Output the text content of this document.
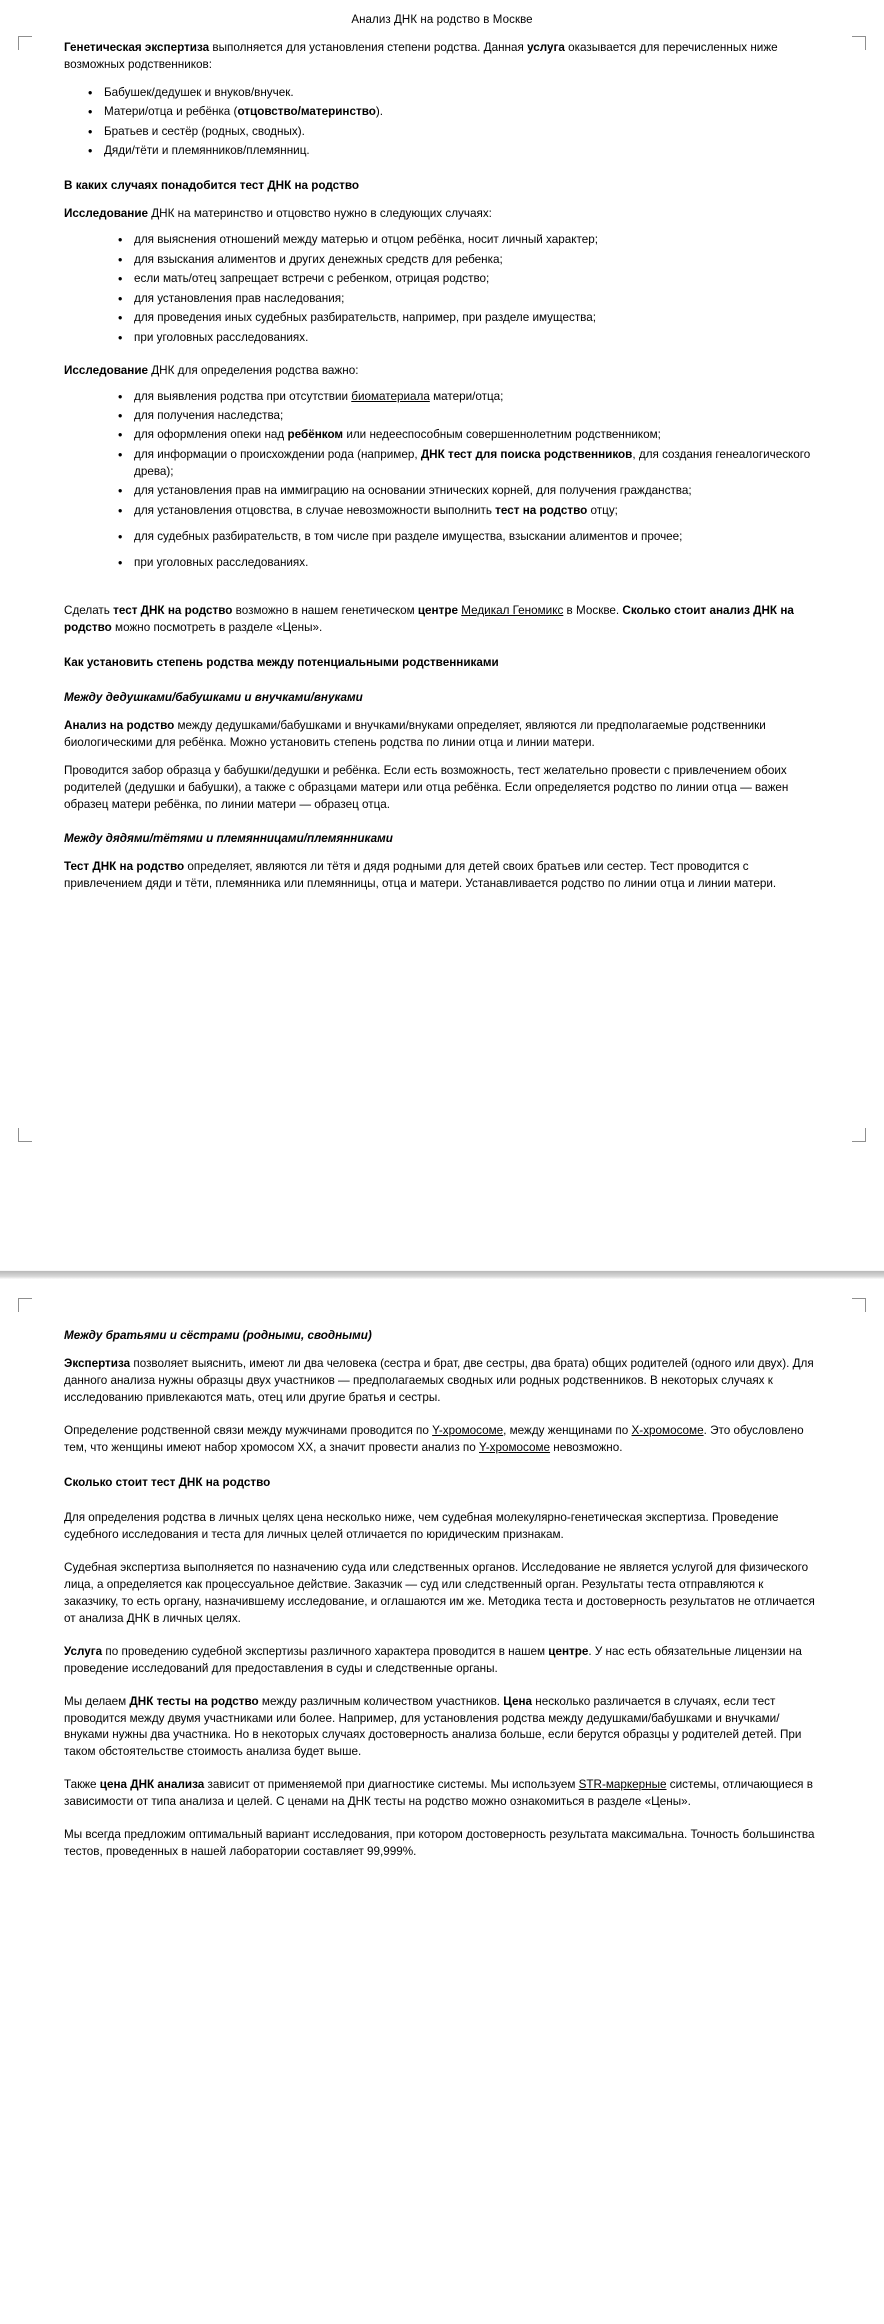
Анализ ДНК на родство в Москве

Генетическая экспертиза выполняется для установления степени родства. Данная услуга оказывается для перечисленных ниже возможных родственников:

• Бабушек/дедушек и внуков/внучек.
• Матери/отца и ребёнка (отцовство/материнство).
• Братьев и сестёр (родных, сводных).
• Дяди/тёти и племянников/племянниц.
В каких случаях понадобится тест ДНК на родство

Исследование ДНК на материнство и отцовство нужно в следующих случаях:

• для выяснения отношений между матерью и отцом ребёнка, носит личный характер;
• для взыскания алиментов и других денежных средств для ребенка;
• если мать/отец запрещает встречи с ребенком, отрицая родство;
• для установления прав наследования;
• для проведения иных судебных разбирательств, например, при разделе имущества;
• при уголовных расследованиях.

Исследование ДНК для определения родства важно:

• для выявления родства при отсутствии биоматериала матери/отца;
• для получения наследства;
• для оформления опеки над ребёнком или недееспособным совершеннолетним родственником;
• для информации о происхождении рода (например, ДНК тест для поиска родственников, для создания генеалогического древа);
• для установления прав на иммиграцию на основании этнических корней, для получения гражданства;
• для установления отцовства, в случае невозможности выполнить тест на родство отцу;
• для судебных разбирательств, в том числе при разделе имущества, взыскании алиментов и прочее;
• при уголовных расследованиях.

Сделать тест ДНК на родство возможно в нашем генетическом центре Медикал Геномикс в Москве. Сколько стоит анализ ДНК на родство можно посмотреть в разделе «Цены».

Как установить степень родства между потенциальными родственниками
Между дедушками/бабушками и внучками/внуками

Анализ на родство между дедушками/бабушками и внучками/внуками определяет, являются ли предполагаемые родственники биологическими для ребёнка. Можно установить степень родства по линии отца и линии матери.

Проводится забор образца у бабушки/дедушки и ребёнка. Если есть возможность, тест желательно провести с привлечением обоих родителей (дедушки и бабушки), а также с образцами матери или отца ребёнка. Если определяется родство по линии отца — важен образец матери ребёнка, по линии матери — образец отца.

Между дядями/тётями и племянницами/племянниками

Тест ДНК на родство определяет, являются ли тётя и дядя родными для детей своих братьев или сестер. Тест проводится с привлечением дяди и тёти, племянника или племянницы, отца и матери. Устанавливается родство по линии отца и линии матери.

Между братьями и сёстрами (родными, сводными)

Экспертиза позволяет выяснить, имеют ли два человека (сестра и брат, две сестры, два брата) общих родителей (одного или двух). Для данного анализа нужны образцы двух участников — предполагаемых сводных или родных родственников. В некоторых случаях к исследованию привлекаются мать, отец или другие братья и сестры.

Определение родственной связи между мужчинами проводится по Y-хромосоме, между женщинами по Х-хромосоме. Это обусловлено тем, что женщины имеют набор хромосом ХХ, а значит провести анализ по Y-хромосоме невозможно.

Сколько стоит тест ДНК на родство

Для определения родства в личных целях цена несколько ниже, чем судебная молекулярно-генетическая экспертиза. Проведение судебного исследования и теста для личных целей отличается по юридическим признакам.

Судебная экспертиза выполняется по назначению суда или следственных органов. Исследование не является услугой для физического лица, а определяется как процессуальное действие. Заказчик — суд или следственный орган. Результаты теста отправляются к заказчику, то есть органу, назначившему исследование, и оглашаются им же. Методика теста и достоверность результатов не отличается от анализа ДНК в личных целях.

Услуга по проведению судебной экспертизы различного характера проводится в нашем центре. У нас есть обязательные лицензии на проведение исследований для предоставления в суды и следственные органы.

Мы делаем ДНК тесты на родство между различным количеством участников. Цена несколько различается в случаях, если тест проводится между двумя участниками или более. Например, для установления родства между дедушками/бабушками и внучками/внуками нужны два участника. Но в некоторых случаях достоверность анализа больше, если берутся образцы у родителей детей. При таком обстоятельстве стоимость анализа будет выше.

Также цена ДНК анализа зависит от применяемой при диагностике системы. Мы используем STR-маркерные системы, отличающиеся в зависимости от типа анализа и целей. С ценами на ДНК тесты на родство можно ознакомиться в разделе «Цены».

Мы всегда предложим оптимальный вариант исследования, при котором достоверность результата максимальна. Точность большинства тестов, проведенных в нашей лаборатории составляет 99,999%.
